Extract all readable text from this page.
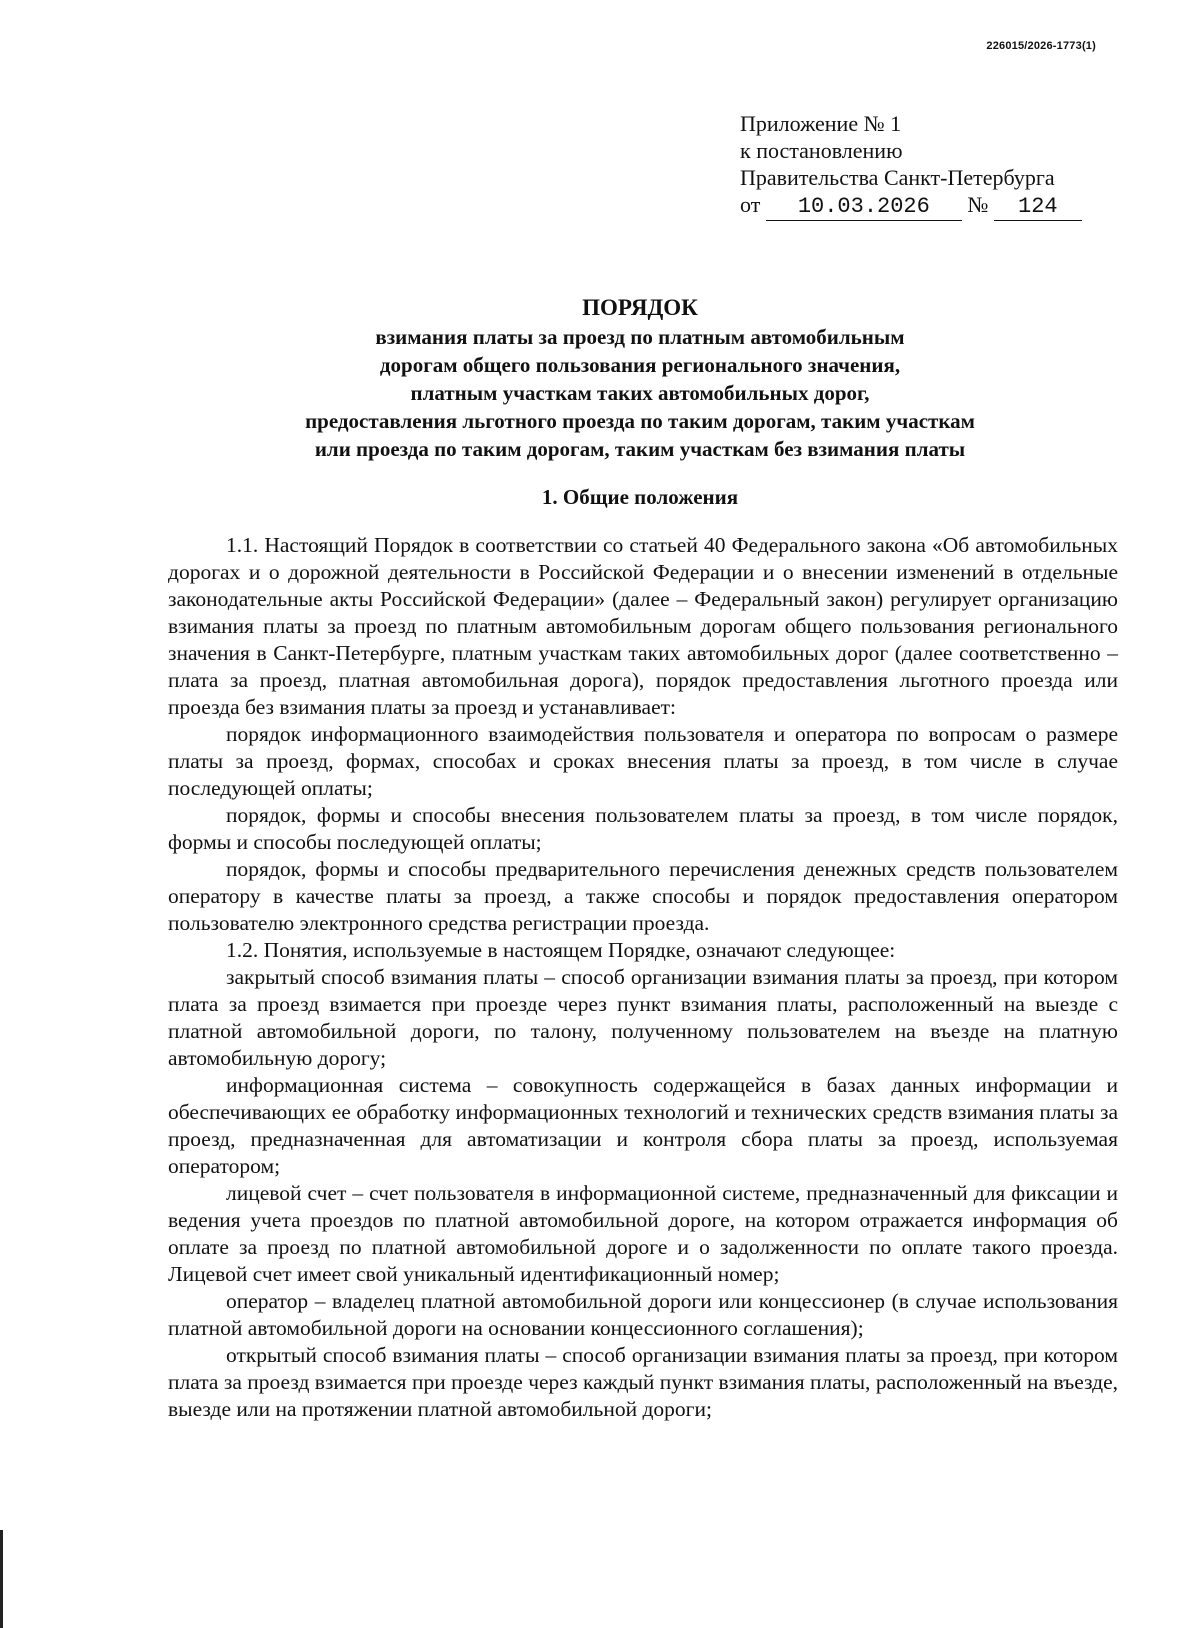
226015/2026-1773(1)
Приложение № 1
к постановлению
Правительства Санкт-Петербурга
от 10.03.2026 № 124
ПОРЯДОК
взимания платы за проезд по платным автомобильным
дорогам общего пользования регионального значения,
платным участкам таких автомобильных дорог,
предоставления льготного проезда по таким дорогам, таким участкам
или проезда по таким дорогам, таким участкам без взимания платы
1. Общие положения

1.1. Настоящий Порядок в соответствии со статьей 40 Федерального закона «Об автомобильных дорогах и о дорожной деятельности в Российской Федерации и о внесении изменений в отдельные законодательные акты Российской Федерации» (далее – Федеральный закон) регулирует организацию взимания платы за проезд по платным автомобильным дорогам общего пользования регионального значения в Санкт-Петербурге, платным участкам таких автомобильных дорог (далее соответственно – плата за проезд, платная автомобильная дорога), порядок предоставления льготного проезда или проезда без взимания платы за проезд и устанавливает:

порядок информационного взаимодействия пользователя и оператора по вопросам о размере платы за проезд, формах, способах и сроках внесения платы за проезд, в том числе в случае последующей оплаты;

порядок, формы и способы внесения пользователем платы за проезд, в том числе порядок, формы и способы последующей оплаты;

порядок, формы и способы предварительного перечисления денежных средств пользователем оператору в качестве платы за проезд, а также способы и порядок предоставления оператором пользователю электронного средства регистрации проезда.

1.2. Понятия, используемые в настоящем Порядке, означают следующее:

закрытый способ взимания платы – способ организации взимания платы за проезд, при котором плата за проезд взимается при проезде через пункт взимания платы, расположенный на выезде с платной автомобильной дороги, по талону, полученному пользователем на въезде на платную автомобильную дорогу;

информационная система – совокупность содержащейся в базах данных информации и обеспечивающих ее обработку информационных технологий и технических средств взимания платы за проезд, предназначенная для автоматизации и контроля сбора платы за проезд, используемая оператором;

лицевой счет – счет пользователя в информационной системе, предназначенный для фиксации и ведения учета проездов по платной автомобильной дороге, на котором отражается информация об оплате за проезд по платной автомобильной дороге и о задолженности по оплате такого проезда. Лицевой счет имеет свой уникальный идентификационный номер;

оператор – владелец платной автомобильной дороги или концессионер (в случае использования платной автомобильной дороги на основании концессионного соглашения);

открытый способ взимания платы – способ организации взимания платы за проезд, при котором плата за проезд взимается при проезде через каждый пункт взимания платы, расположенный на въезде, выезде или на протяжении платной автомобильной дороги;
